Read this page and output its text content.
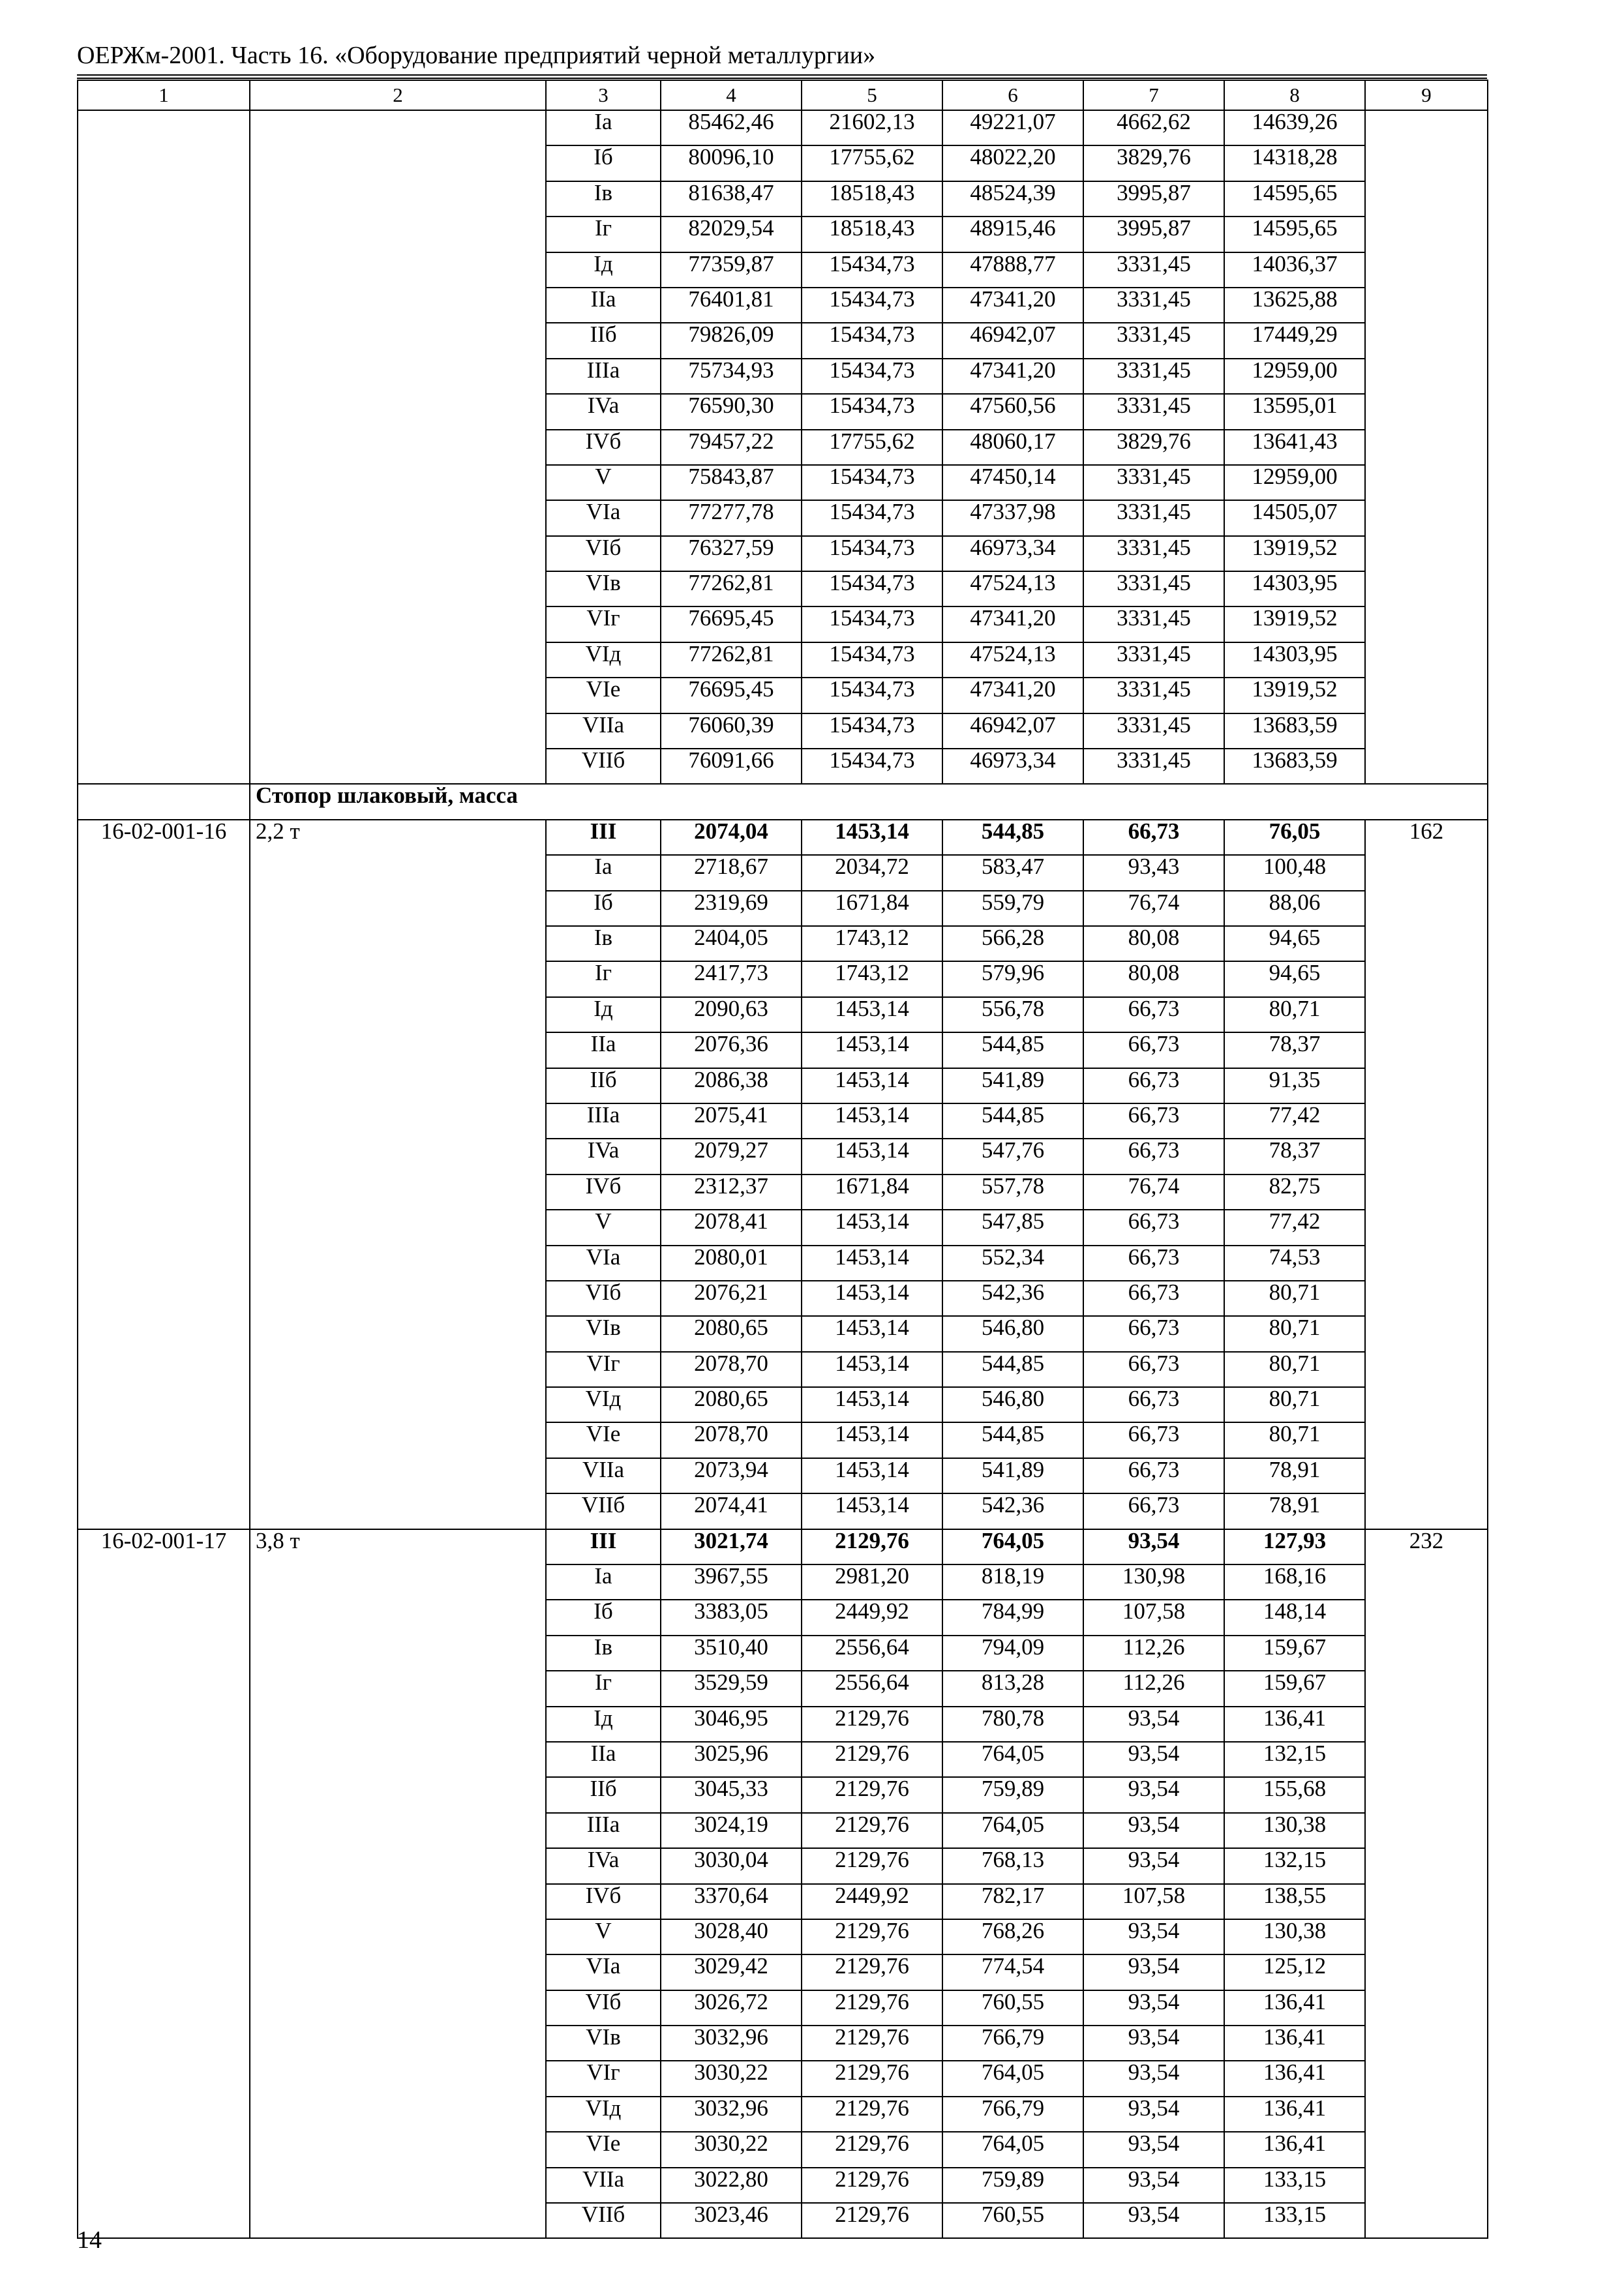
ОЕРЖм-2001. Часть 16. «Оборудование предприятий черной металлургии»
1	2	3	4	5	6	7	8	9
		Ia	85462,46	21602,13	49221,07	4662,62	14639,26	
		Iб	80096,10	17755,62	48022,20	3829,76	14318,28	
		Iв	81638,47	18518,43	48524,39	3995,87	14595,65	
		Iг	82029,54	18518,43	48915,46	3995,87	14595,65	
		Iд	77359,87	15434,73	47888,77	3331,45	14036,37	
		IIa	76401,81	15434,73	47341,20	3331,45	13625,88	
		IIб	79826,09	15434,73	46942,07	3331,45	17449,29	
		IIIa	75734,93	15434,73	47341,20	3331,45	12959,00	
		IVa	76590,30	15434,73	47560,56	3331,45	13595,01	
		IVб	79457,22	17755,62	48060,17	3829,76	13641,43	
		V	75843,87	15434,73	47450,14	3331,45	12959,00	
		VIa	77277,78	15434,73	47337,98	3331,45	14505,07	
		VIб	76327,59	15434,73	46973,34	3331,45	13919,52	
		VIв	77262,81	15434,73	47524,13	3331,45	14303,95	
		VIг	76695,45	15434,73	47341,20	3331,45	13919,52	
		VIд	77262,81	15434,73	47524,13	3331,45	14303,95	
		VIe	76695,45	15434,73	47341,20	3331,45	13919,52	
		VIIa	76060,39	15434,73	46942,07	3331,45	13683,59	
		VIIб	76091,66	15434,73	46973,34	3331,45	13683,59	
	Стопор шлаковый, масса							
16-02-001-16	2,2 т	III	2074,04	1453,14	544,85	66,73	76,05	162
		Ia	2718,67	2034,72	583,47	93,43	100,48	
		Iб	2319,69	1671,84	559,79	76,74	88,06	
		Iв	2404,05	1743,12	566,28	80,08	94,65	
		Iг	2417,73	1743,12	579,96	80,08	94,65	
		Iд	2090,63	1453,14	556,78	66,73	80,71	
		IIa	2076,36	1453,14	544,85	66,73	78,37	
		IIб	2086,38	1453,14	541,89	66,73	91,35	
		IIIa	2075,41	1453,14	544,85	66,73	77,42	
		IVa	2079,27	1453,14	547,76	66,73	78,37	
		IVб	2312,37	1671,84	557,78	76,74	82,75	
		V	2078,41	1453,14	547,85	66,73	77,42	
		VIa	2080,01	1453,14	552,34	66,73	74,53	
		VIб	2076,21	1453,14	542,36	66,73	80,71	
		VIв	2080,65	1453,14	546,80	66,73	80,71	
		VIг	2078,70	1453,14	544,85	66,73	80,71	
		VIд	2080,65	1453,14	546,80	66,73	80,71	
		VIe	2078,70	1453,14	544,85	66,73	80,71	
		VIIa	2073,94	1453,14	541,89	66,73	78,91	
		VIIб	2074,41	1453,14	542,36	66,73	78,91	
16-02-001-17	3,8 т	III	3021,74	2129,76	764,05	93,54	127,93	232
		Ia	3967,55	2981,20	818,19	130,98	168,16	
		Iб	3383,05	2449,92	784,99	107,58	148,14	
		Iв	3510,40	2556,64	794,09	112,26	159,67	
		Iг	3529,59	2556,64	813,28	112,26	159,67	
		Iд	3046,95	2129,76	780,78	93,54	136,41	
		IIa	3025,96	2129,76	764,05	93,54	132,15	
		IIб	3045,33	2129,76	759,89	93,54	155,68	
		IIIa	3024,19	2129,76	764,05	93,54	130,38	
		IVa	3030,04	2129,76	768,13	93,54	132,15	
		IVб	3370,64	2449,92	782,17	107,58	138,55	
		V	3028,40	2129,76	768,26	93,54	130,38	
		VIa	3029,42	2129,76	774,54	93,54	125,12	
		VIб	3026,72	2129,76	760,55	93,54	136,41	
		VIв	3032,96	2129,76	766,79	93,54	136,41	
		VIг	3030,22	2129,76	764,05	93,54	136,41	
		VIд	3032,96	2129,76	766,79	93,54	136,41	
		VIe	3030,22	2129,76	764,05	93,54	136,41	
		VIIa	3022,80	2129,76	759,89	93,54	133,15	
		VIIб	3023,46	2129,76	760,55	93,54	133,15	
14
